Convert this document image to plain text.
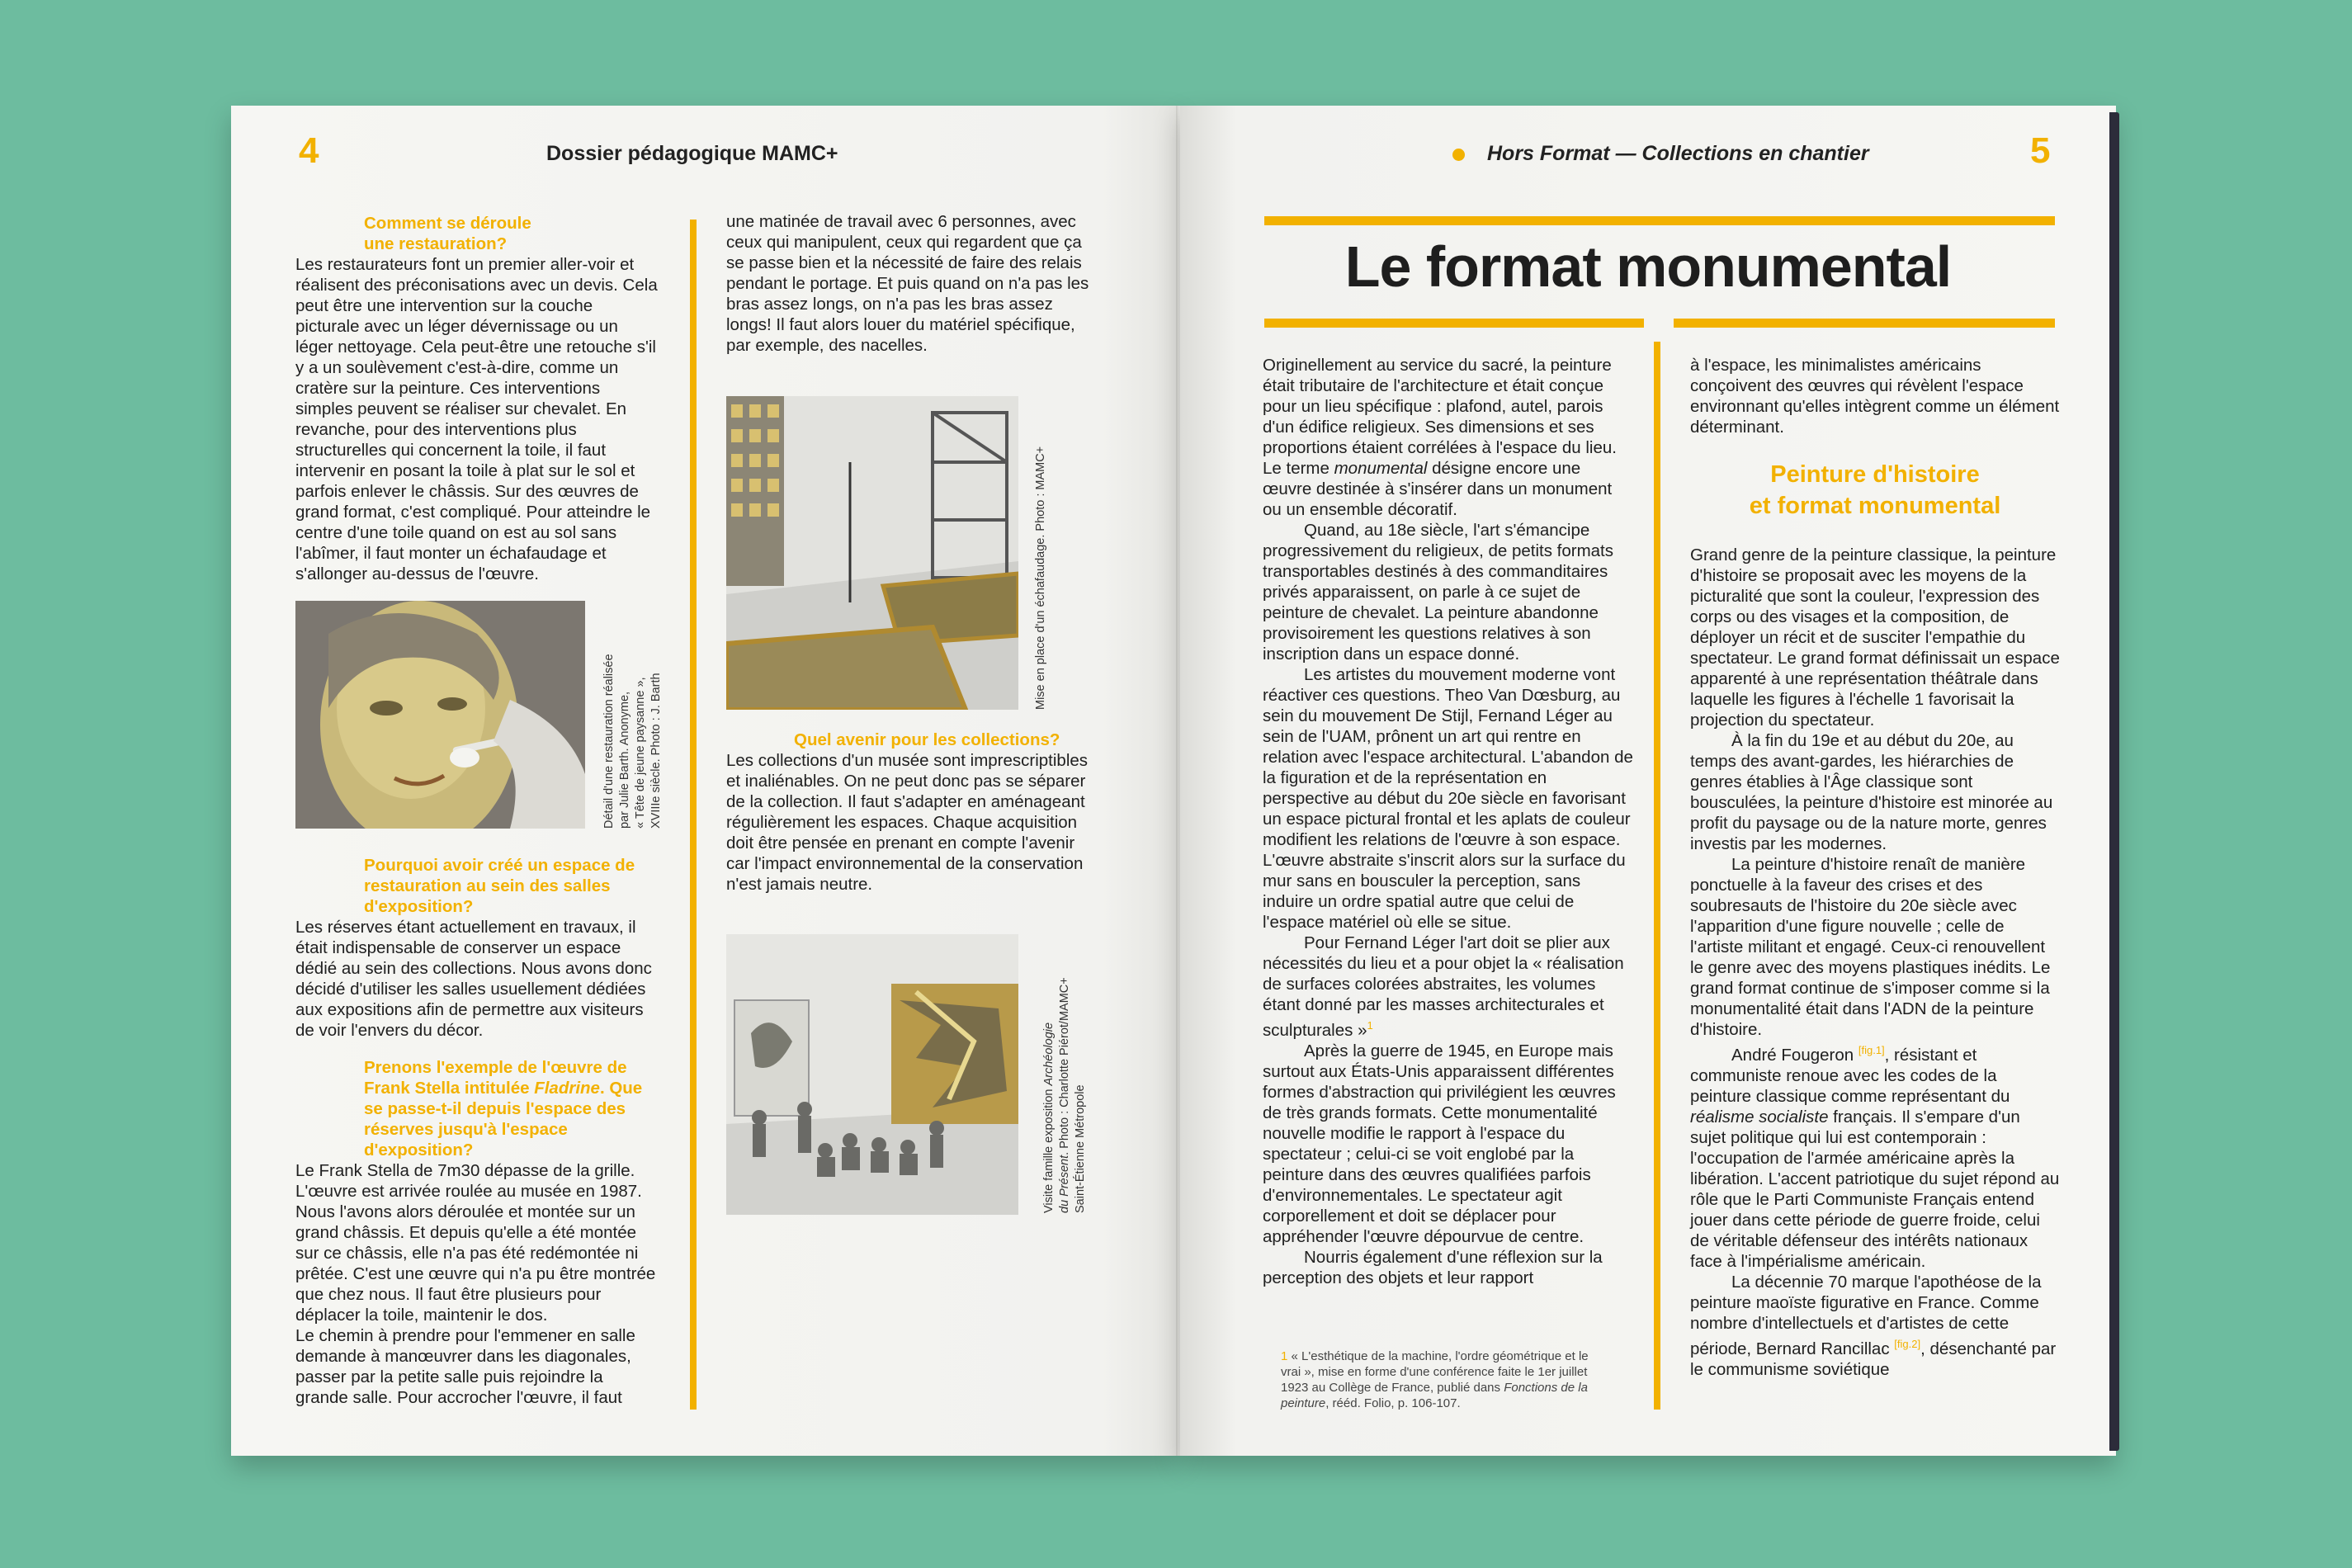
4	Dossier pédagogique MAMC+

Comment se déroule une restauration?

Les restaurateurs font un premier aller-voir et réalisent des préconisations avec un devis. Cela peut être une intervention sur la couche picturale avec un léger dévernissage ou un léger nettoyage. Cela peut-être une retouche s'il y a un soulèvement c'est-à-dire, comme un cratère sur la peinture. Ces interventions simples peuvent se réaliser sur chevalet. En revanche, pour des interventions plus structurelles qui concernent la toile, il faut intervenir en posant la toile à plat sur le sol et parfois enlever le châssis. Sur des œuvres de grand format, c'est compliqué. Pour atteindre le centre d'une toile quand on est au sol sans l'abîmer, il faut monter un échafaudage et s'allonger au-dessus de l'œuvre.

Détail d'une restauration réalisée par Julie Barth. Anonyme, « Tête de jeune paysanne », XVIIIe siècle. Photo : J. Barth

Pourquoi avoir créé un espace de restauration au sein des salles d'exposition?

Les réserves étant actuellement en travaux, il était indispensable de conserver un espace dédié au sein des collections. Nous avons donc décidé d'utiliser les salles usuellement dédiées aux expositions afin de permettre aux visiteurs de voir l'envers du décor.

Prenons l'exemple de l'œuvre de Frank Stella intitulée Fladrine. Que se passe-t-il depuis l'espace des réserves jusqu'à l'espace d'exposition?

Le Frank Stella de 7m30 dépasse de la grille. L'œuvre est arrivée roulée au musée en 1987. Nous l'avons alors déroulée et montée sur un grand châssis. Et depuis qu'elle a été montée sur ce châssis, elle n'a pas été redémontée ni prêtée. C'est une œuvre qui n'a pu être montrée que chez nous. Il faut être plusieurs pour déplacer la toile, maintenir le dos.

Le chemin à prendre pour l'emmener en salle demande à manœuvrer dans les diagonales, passer par la petite salle puis rejoindre la grande salle. Pour accrocher l'œuvre, il faut

une matinée de travail avec 6 personnes, avec ceux qui manipulent, ceux qui regardent que ça se passe bien et la nécessité de faire des relais pendant le portage. Et puis quand on n'a pas les bras assez longs, on n'a pas les bras assez longs! Il faut alors louer du matériel spécifique, par exemple, des nacelles.

Mise en place d'un échafaudage. Photo : MAMC+

Quel avenir pour les collections?

Les collections d'un musée sont imprescriptibles et inaliénables. On ne peut donc pas se séparer de la collection. Il faut s'adapter en aménageant régulièrement les espaces. Chaque acquisition doit être pensée en prenant en compte l'avenir car l'impact environnemental de la conservation n'est jamais neutre.

Visite famille exposition Archéologie
du Présent. Photo : Charlotte Piérot/MAMC+ Saint-Étienne Métropole
Hors Format — Collections en chantier	5
Le format monumental

Originellement au service du sacré, la peinture était tributaire de l'architecture et était conçue pour un lieu spécifique : plafond, autel, parois d'un édifice religieux. Ses dimensions et ses proportions étaient corrélées à l'espace du lieu. Le terme monumental désigne encore une œuvre destinée à s'insérer dans un monument ou un ensemble décoratif.

Quand, au 18e siècle, l'art s'émancipe progressivement du religieux, de petits formats transportables destinés à des commanditaires privés apparaissent, on parle à ce sujet de peinture de chevalet. La peinture abandonne provisoirement les questions relatives à son inscription dans un espace donné.

Les artistes du mouvement moderne vont réactiver ces questions. Theo Van Dœsburg, au sein du mouvement De Stijl, Fernand Léger au sein de l'UAM, prônent un art qui rentre en relation avec l'espace architectural. L'abandon de la figuration et de la représentation en perspective au début du 20e siècle en favorisant un espace pictural frontal et les aplats de couleur modifient les relations de l'œuvre à son espace. L'œuvre abstraite s'inscrit alors sur la surface du mur sans en bousculer la perception, sans induire un ordre spatial autre que celui de l'espace matériel où elle se situe.

Pour Fernand Léger l'art doit se plier aux nécessités du lieu et a pour objet la « réalisation de surfaces colorées abstraites, les volumes étant donné par les masses architecturales et sculpturales »$^1$

Après la guerre de 1945, en Europe mais surtout aux États-Unis apparaissent différentes formes d'abstraction qui privilégient les œuvres de très grands formats. Cette monumentalité nouvelle modifie le rapport à l'espace du spectateur ; celui-ci se voit englobé par la peinture dans des œuvres qualifiées parfois d'environnementales. Le spectateur agit corporellement et doit se déplacer pour appréhender l'œuvre dépourvue de centre.

Nourris également d'une réflexion sur la perception des objets et leur rapport

1 « L'esthétique de la machine, l'ordre géométrique et le vrai », mise en forme d'une conférence faite le 1er juillet 1923 au Collège de France, publié dans Fonctions de la peinture, rééd. Folio, p. 106-107.

à l'espace, les minimalistes américains conçoivent des œuvres qui révèlent l'espace environnant qu'elles intègrent comme un élément déterminant.

Peinture d'histoire

et format monumental

Grand genre de la peinture classique, la peinture d'histoire se proposait avec les moyens de la picturalité que sont la couleur, l'expression des corps ou des visages et la composition, de déployer un récit et de susciter l'empathie du spectateur. Le grand format définissait un espace apparenté à une représentation théâtrale dans laquelle les figures à l'échelle 1 favorisait la projection du spectateur.

À la fin du 19e et au début du 20e, au temps des avant-gardes, les hiérarchies de genres établies à l'Âge classique sont bousculées, la peinture d'histoire est minorée au profit du paysage ou de la nature morte, genres investis par les modernes.

La peinture d'histoire renaît de manière ponctuelle à la faveur des crises et des soubresauts de l'histoire du 20e siècle avec l'apparition d'une figure nouvelle ; celle de l'artiste militant et engagé. Ceux-ci renouvellent le genre avec des moyens plastiques inédits. Le grand format continue de s'imposer comme si la monumentalité était dans l'ADN de la peinture d'histoire.

André Fougeron [fig.1], résistant et communiste renoue avec les codes de la peinture classique comme représentant du réalisme socialiste français. Il s'empare d'un sujet politique qui lui est contemporain : l'occupation de l'armée américaine après la libération. L'accent patriotique du sujet répond au rôle que le Parti Communiste Français entend jouer dans cette période de guerre froide, celui de véritable défenseur des intérêts nationaux face à l'impérialisme américain.

La décennie 70 marque l'apothéose de la peinture maoïste figurative en France. Comme nombre d'intellectuels et d'artistes de cette période, Bernard Rancillac [fig.2], désenchanté par le communisme soviétique
